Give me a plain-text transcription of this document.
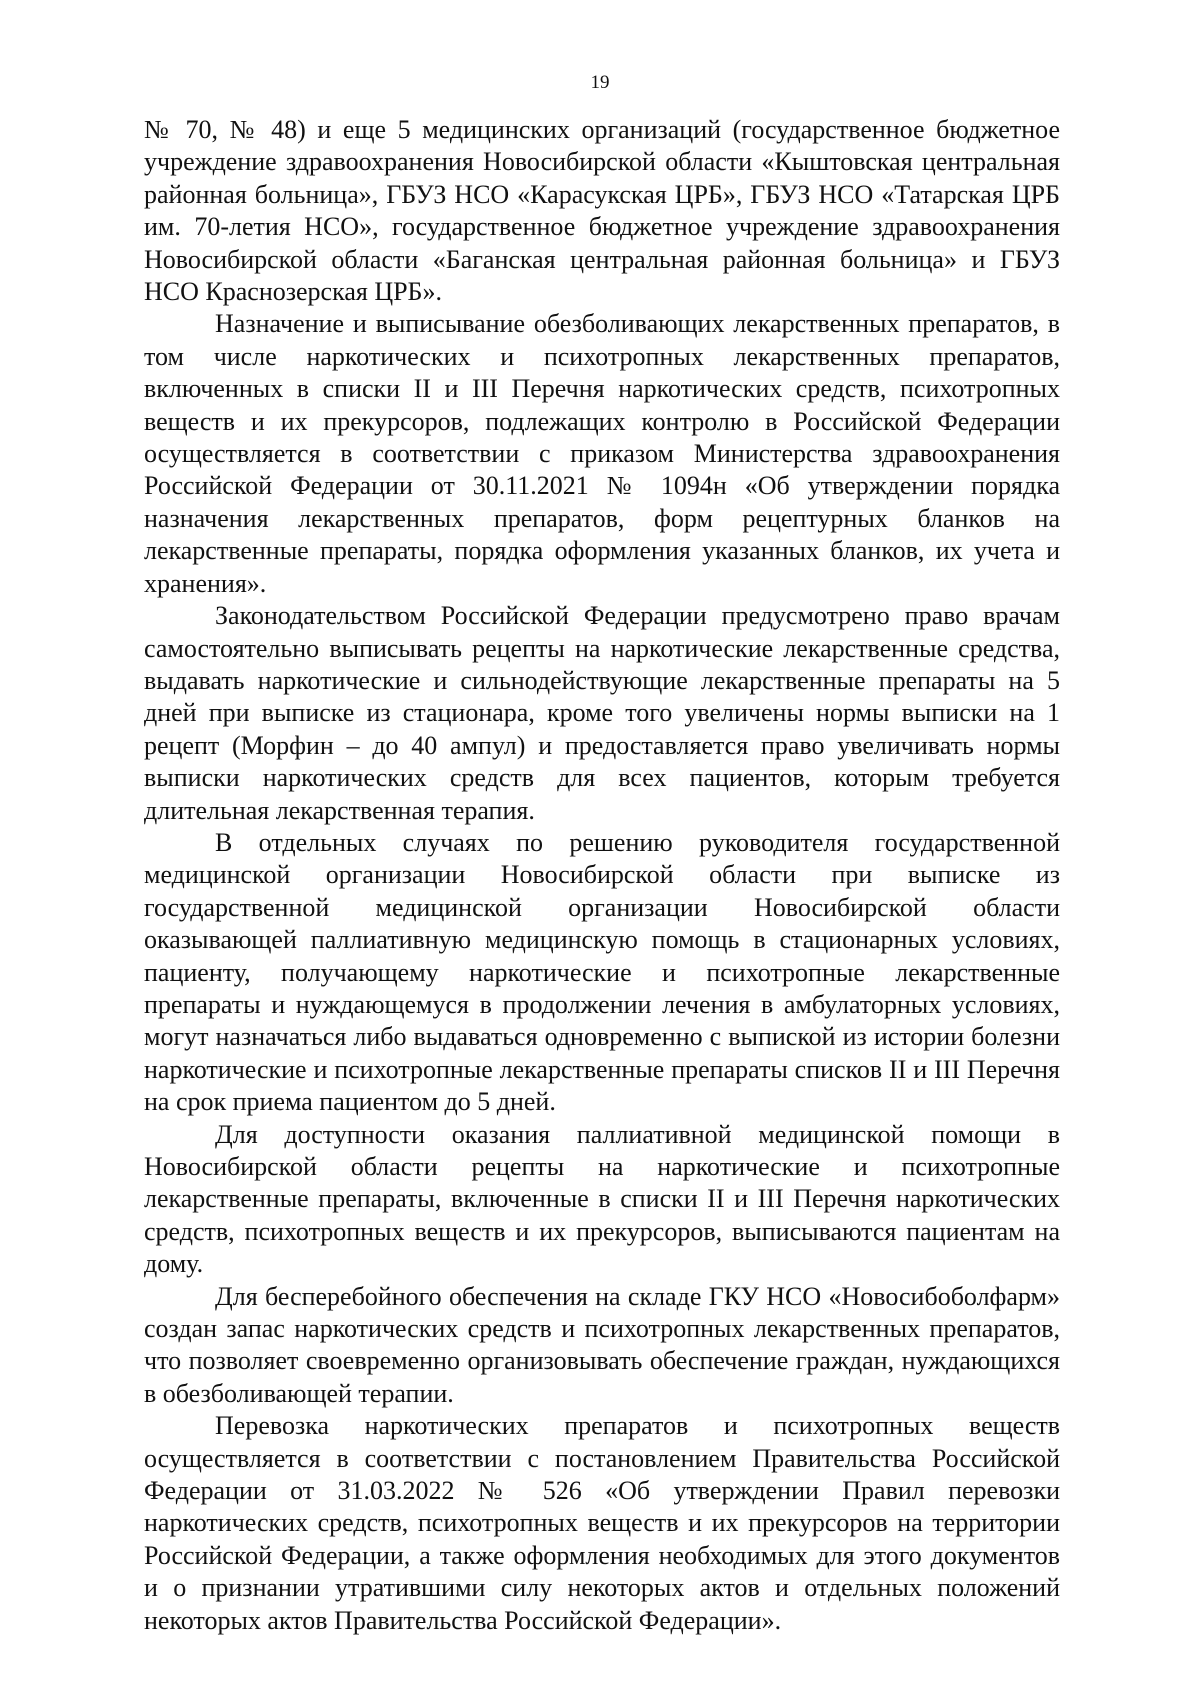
19

№ 70, № 48) и еще 5 медицинских организаций (государственное бюджетное учреждение здравоохранения Новосибирской области «Кыштовская центральная районная больница», ГБУЗ НСО «Карасукская ЦРБ», ГБУЗ НСО «Татарская ЦРБ им. 70-летия НСО», государственное бюджетное учреждение здравоохранения Новосибирской области «Баганская центральная районная больница» и ГБУЗ НСО Краснозерская ЦРБ».

Назначение и выписывание обезболивающих лекарственных препаратов, в том числе наркотических и психотропных лекарственных препаратов, включенных в списки II и III Перечня наркотических средств, психотропных веществ и их прекурсоров, подлежащих контролю в Российской Федерации осуществляется в соответствии с приказом Министерства здравоохранения Российской Федерации от 30.11.2021 № 1094н «Об утверждении порядка назначения лекарственных препаратов, форм рецептурных бланков на лекарственные препараты, порядка оформления указанных бланков, их учета и хранения».

Законодательством Российской Федерации предусмотрено право врачам самостоятельно выписывать рецепты на наркотические лекарственные средства, выдавать наркотические и сильнодействующие лекарственные препараты на 5 дней при выписке из стационара, кроме того увеличены нормы выписки на 1 рецепт (Морфин – до 40 ампул) и предоставляется право увеличивать нормы выписки наркотических средств для всех пациентов, которым требуется длительная лекарственная терапия.

В отдельных случаях по решению руководителя государственной медицинской организации Новосибирской области при выписке из государственной медицинской организации Новосибирской области оказывающей паллиативную медицинскую помощь в стационарных условиях, пациенту, получающему наркотические и психотропные лекарственные препараты и нуждающемуся в продолжении лечения в амбулаторных условиях, могут назначаться либо выдаваться одновременно с выпиской из истории болезни наркотические и психотропные лекарственные препараты списков II и III Перечня на срок приема пациентом до 5 дней.

Для доступности оказания паллиативной медицинской помощи в Новосибирской области рецепты на наркотические и психотропные лекарственные препараты, включенные в списки II и III Перечня наркотических средств, психотропных веществ и их прекурсоров, выписываются пациентам на дому.

Для бесперебойного обеспечения на складе ГКУ НСО «Новосибоболфарм» создан запас наркотических средств и психотропных лекарственных препаратов, что позволяет своевременно организовывать обеспечение граждан, нуждающихся в обезболивающей терапии.

Перевозка наркотических препаратов и психотропных веществ осуществляется в соответствии с постановлением Правительства Российской Федерации от 31.03.2022 № 526 «Об утверждении Правил перевозки наркотических средств, психотропных веществ и их прекурсоров на территории Российской Федерации, а также оформления необходимых для этого документов и о признании утратившими силу некоторых актов и отдельных положений некоторых актов Правительства Российской Федерации».
